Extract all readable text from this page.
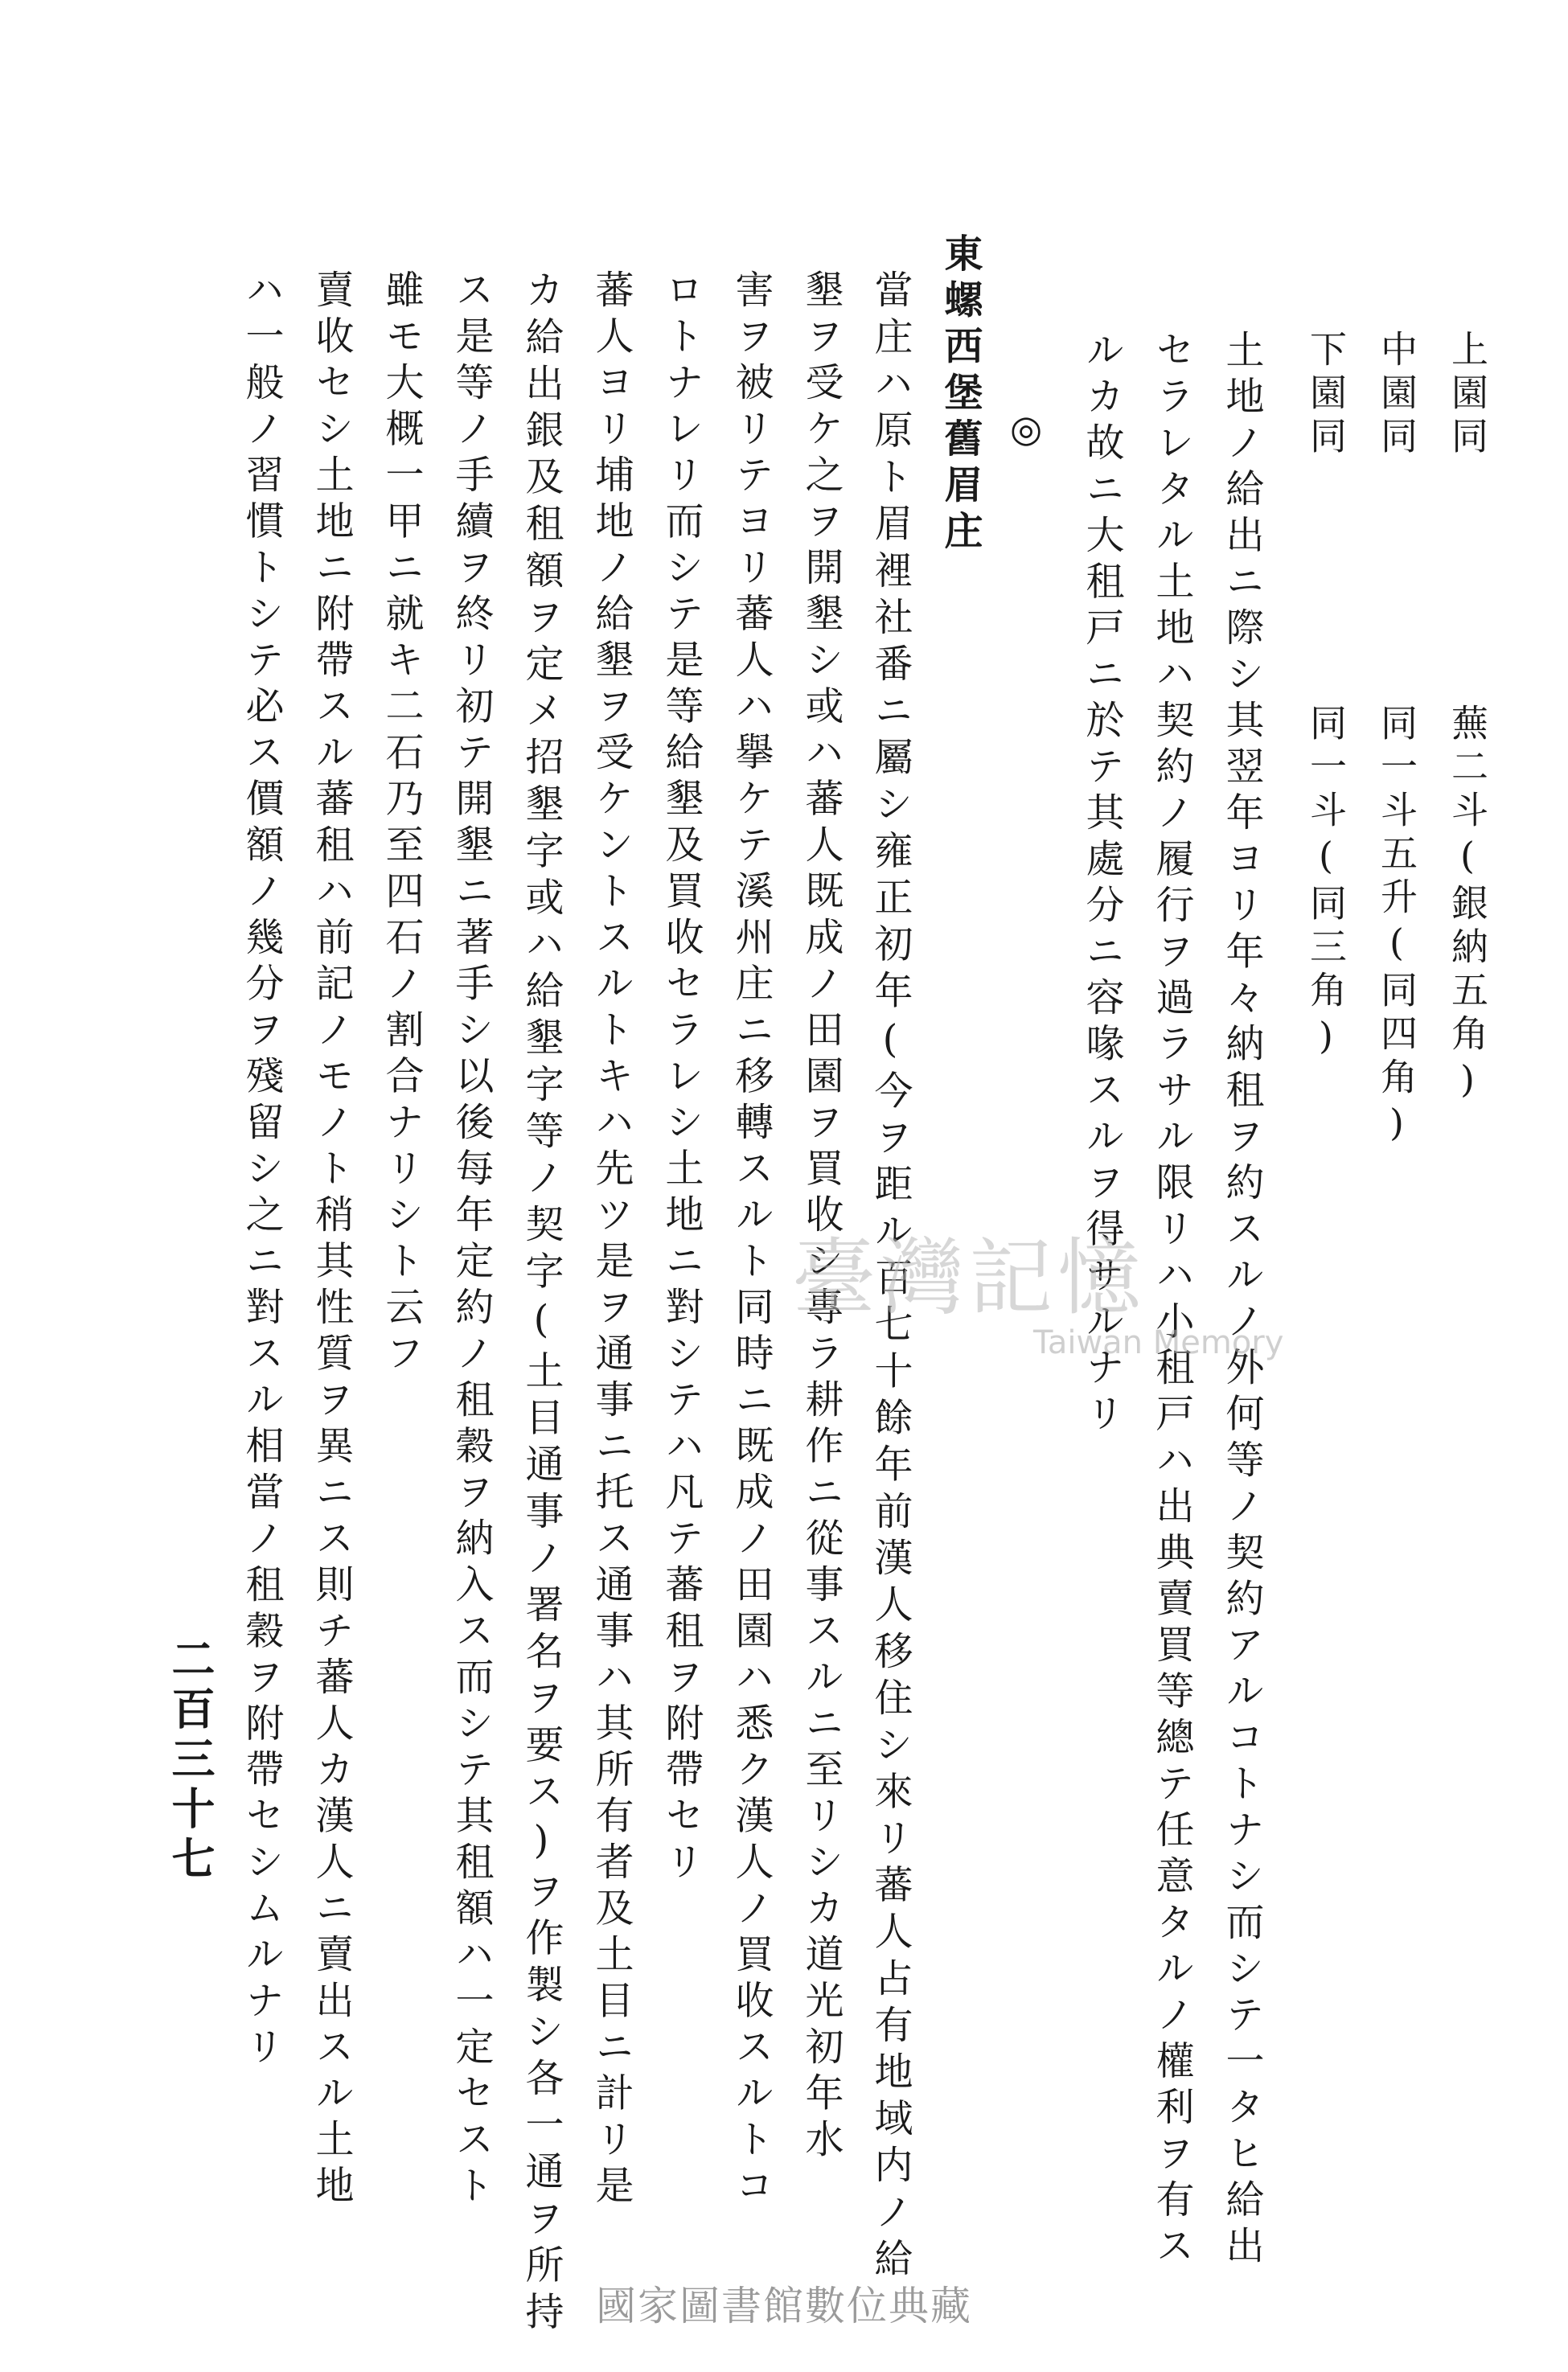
上園同
蕪二斗(銀納五角)
中園同
同一斗五升(同四角)
下園同
同一斗(同三角)
土地ノ給出ニ際シ其翌年ヨリ年々納租ヲ約スルノ外何等ノ契約アルコトナシ而シテ一タヒ給出
セラレタル土地ハ契約ノ履行ヲ過ラサル限リハ小租戸ハ出典賣買等總テ任意タルノ權利ヲ有ス
ルカ故ニ大租戸ニ於テ其處分ニ容喙スルヲ得サルナリ
◎
東螺西堡舊眉庄
當庄ハ原ト眉裡社番ニ屬シ雍正初年(今ヲ距ル百七十餘年前漢人移住シ來リ蕃人占有地域内ノ給
墾ヲ受ケ之ヲ開墾シ或ハ蕃人既成ノ田園ヲ買收シ專ラ耕作ニ從事スルニ至リシカ道光初年水
害ヲ被リテヨリ蕃人ハ擧ケテ溪州庄ニ移轉スルト同時ニ既成ノ田園ハ悉ク漢人ノ買收スルトコ
ロトナレリ而シテ是等給墾及買收セラレシ土地ニ對シテハ凡テ蕃租ヲ附帶セリ
蕃人ヨリ埔地ノ給墾ヲ受ケントスルトキハ先ツ是ヲ通事ニ托ス通事ハ其所有者及土目ニ計リ是
カ給出銀及租額ヲ定メ招墾字或ハ給墾字等ノ契字(土目通事ノ署名ヲ要ス)ヲ作製シ各一通ヲ所持
ス是等ノ手續ヲ終リ初テ開墾ニ著手シ以後每年定約ノ租穀ヲ納入ス而シテ其租額ハ一定セスト
雖モ大概一甲ニ就キ二石乃至四石ノ割合ナリシト云フ
賣收セシ土地ニ附帶スル蕃租ハ前記ノモノト稍其性質ヲ異ニス則チ蕃人カ漢人ニ賣出スル土地
ハ一般ノ習慣トシテ必ス價額ノ幾分ヲ殘留シ之ニ對スル相當ノ租穀ヲ附帶セシムルナリ
二百三十七
臺灣記憶
Taiwan Memory
國家圖書館數位典藏
